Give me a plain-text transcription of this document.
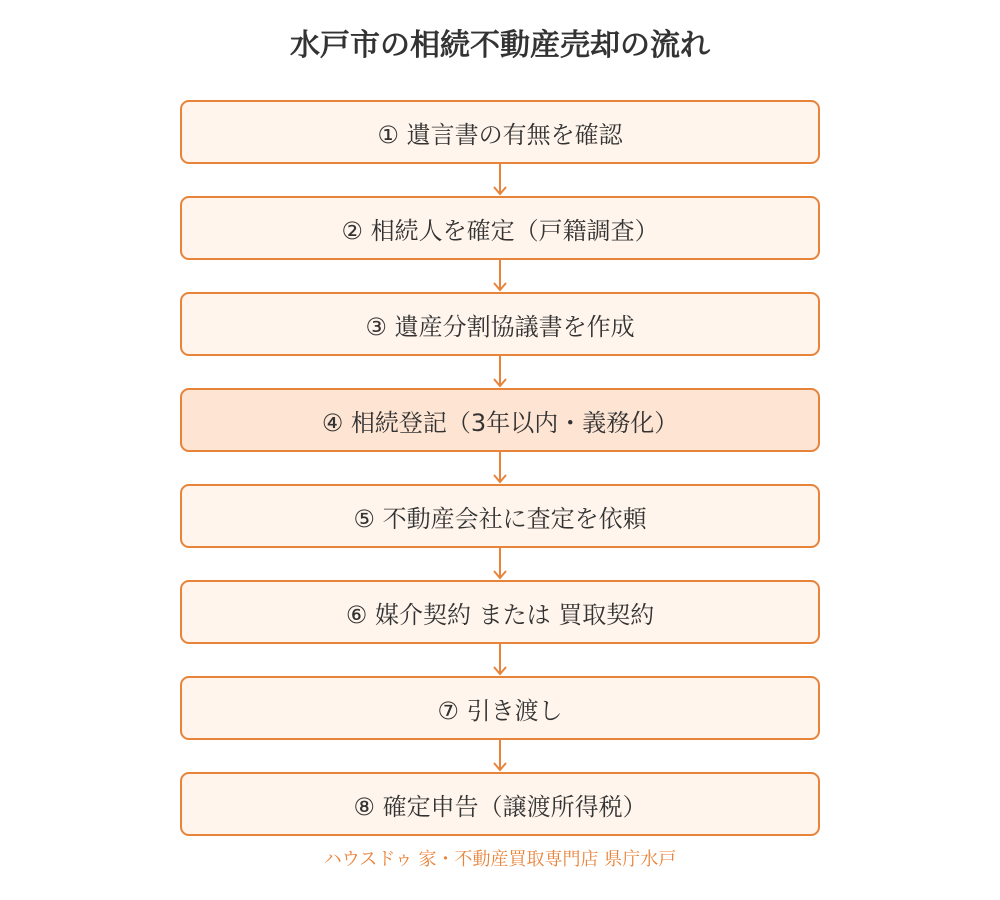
水戸市の相続不動産売却の流れ
① 遺言書の有無を確認
② 相続人を確定（戸籍調査）
③ 遺産分割協議書を作成
④ 相続登記（3年以内・義務化）
⑤ 不動産会社に査定を依頼
⑥ 媒介契約 または 買取契約
⑦ 引き渡し
⑧ 確定申告（譲渡所得税）
ハウスドゥ 家・不動産買取専門店 県庁水戸
